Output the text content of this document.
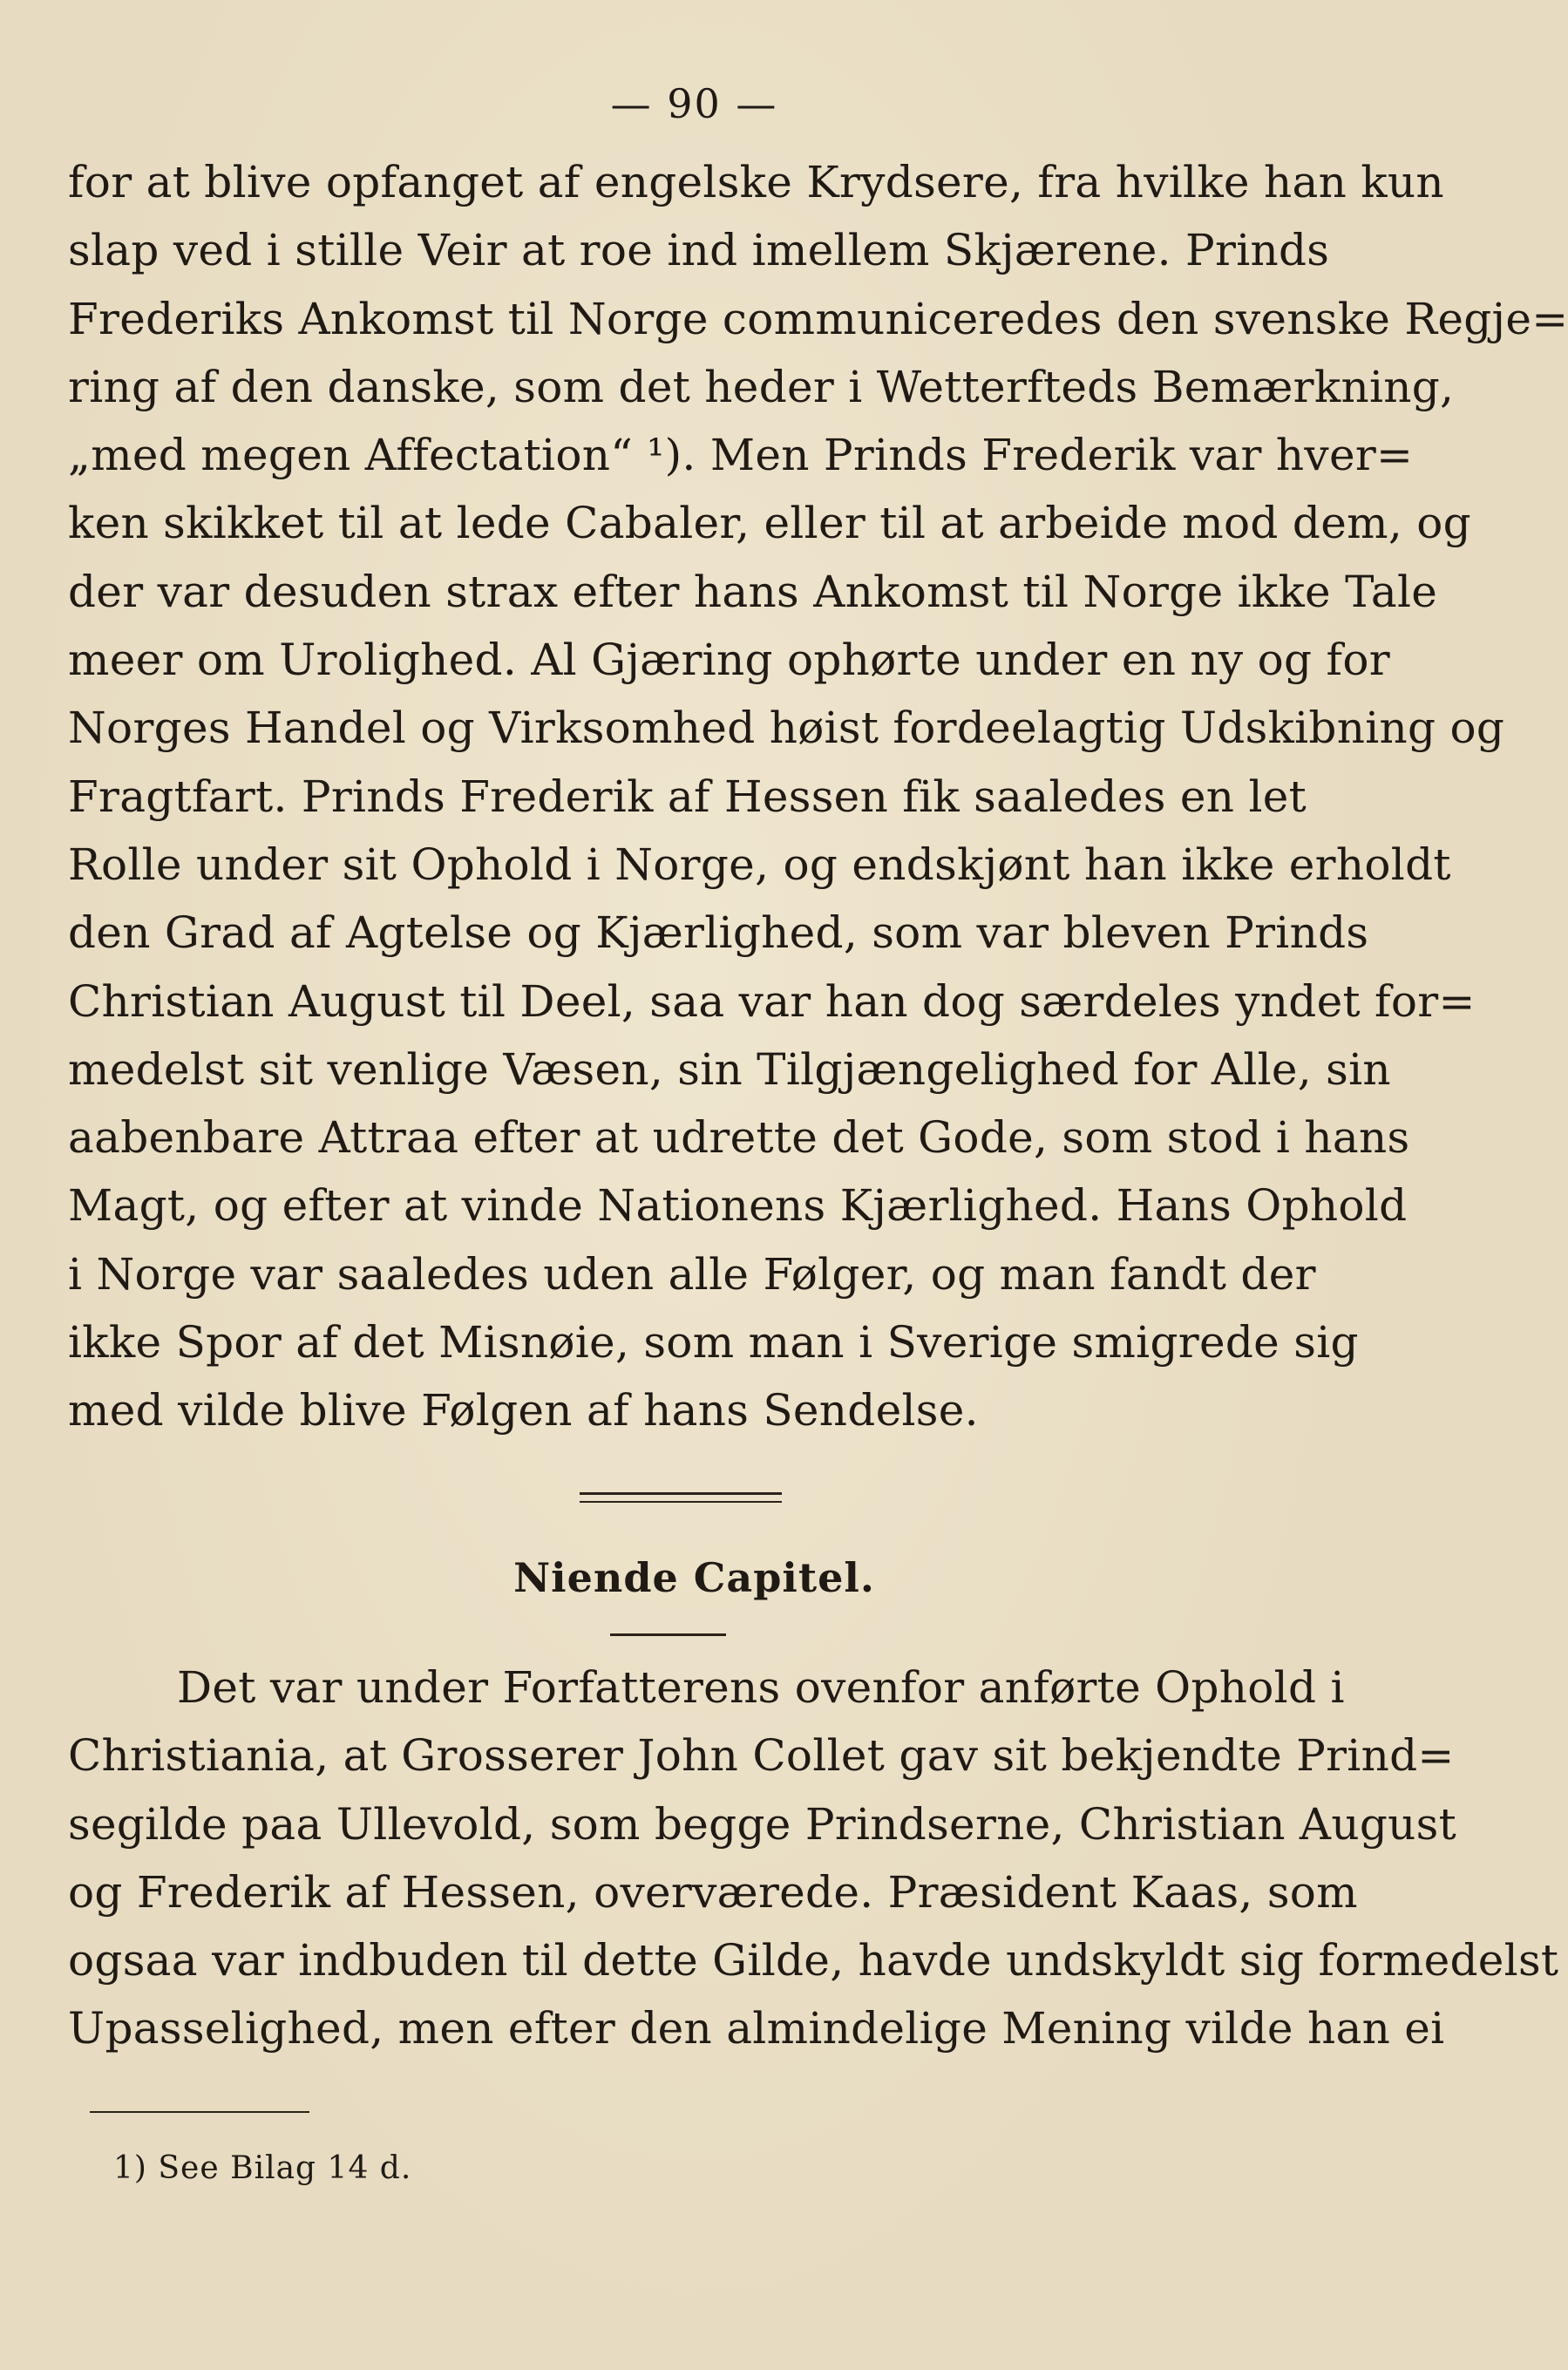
— 90 —
for at blive opfanget af engelske Krydsere, fra hvilke han kun
slap ved i stille Veir at roe ind imellem Skjærene. Prinds
Frederiks Ankomst til Norge communiceredes den svenske Regje=
ring af den danske, som det heder i Wetterfteds Bemærkning,
„med megen Affectation“ ¹). Men Prinds Frederik var hver=
ken skikket til at lede Cabaler, eller til at arbeide mod dem, og
der var desuden strax efter hans Ankomst til Norge ikke Tale
meer om Urolighed. Al Gjæring ophørte under en ny og for
Norges Handel og Virksomhed høist fordeelagtig Udskibning og
Fragtfart. Prinds Frederik af Hessen fik saaledes en let
Rolle under sit Ophold i Norge, og endskjønt han ikke erholdt
den Grad af Agtelse og Kjærlighed, som var bleven Prinds
Christian August til Deel, saa var han dog særdeles yndet for=
medelst sit venlige Væsen, sin Tilgjængelighed for Alle, sin
aabenbare Attraa efter at udrette det Gode, som stod i hans
Magt, og efter at vinde Nationens Kjærlighed. Hans Ophold
i Norge var saaledes uden alle Følger, og man fandt der
ikke Spor af det Misnøie, som man i Sverige smigrede sig
med vilde blive Følgen af hans Sendelse.
Niende Capitel.
Det var under Forfatterens ovenfor anførte Ophold i
Christiania, at Grosserer John Collet gav sit bekjendte Prind=
segilde paa Ullevold, som begge Prindserne, Christian August
og Frederik af Hessen, overværede. Præsident Kaas, som
ogsaa var indbuden til dette Gilde, havde undskyldt sig formedelst
Upasselighed, men efter den almindelige Mening vilde han ei
1) See Bilag 14 d.
